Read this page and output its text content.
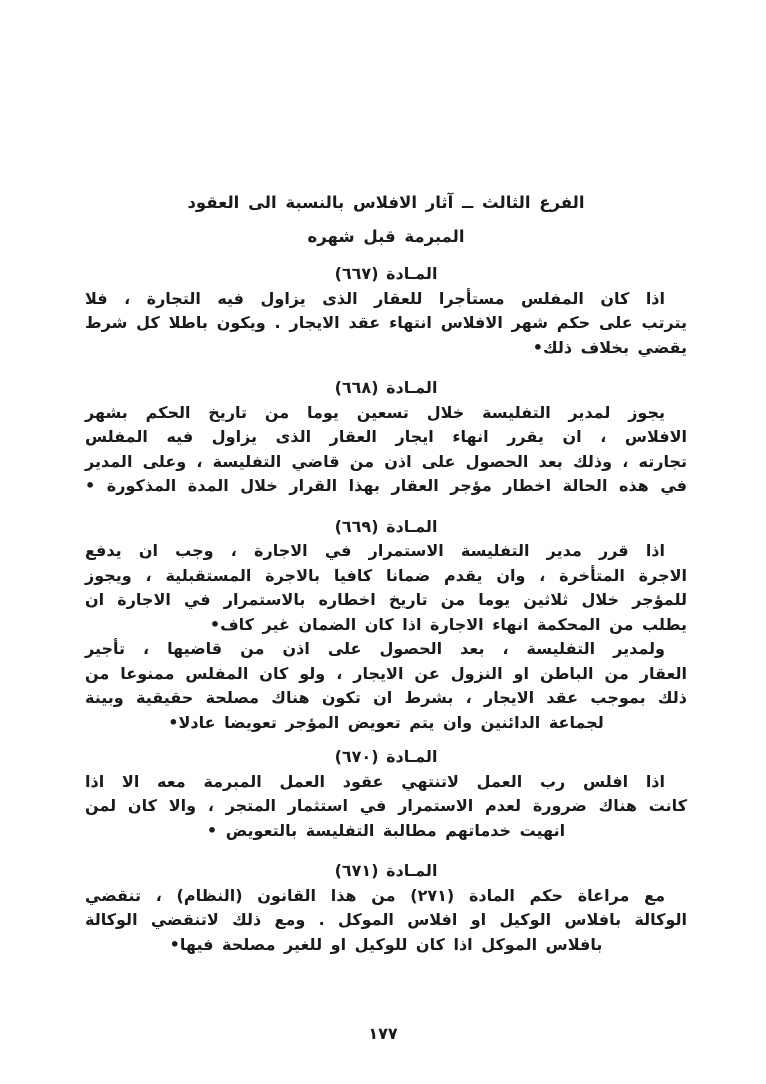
الفرع الثالث ــ آثار الافلاس بالنسبة الى العقود
المبرمة قبل شهره
المـادة (٦٦٧)
اذا كان المفلس مستأجرا للعقار الذى يزاول فيه التجارة ، فلا
يترتب على حكم شهر الافلاس انتهاء عقد الايجار . ويكون باطلا كل شرط
يقضي بخلاف ذلك•
المـادة (٦٦٨)
يجوز لمدير التفليسة خلال تسعين يوما من تاريخ الحكم بشهر
الافلاس ، ان يقرر انهاء ايجار العقار الذى يزاول فيه المفلس
تجارته ، وذلك بعد الحصول على اذن من قاضي التفليسة ، وعلى المدير
في هذه الحالة اخطار مؤجر العقار بهذا القرار خلال المدة المذكورة •
المـادة (٦٦٩)
اذا قرر مدير التفليسة الاستمرار في الاجارة ، وجب ان يدفع
الاجرة المتأخرة ، وان يقدم ضمانا كافيا بالاجرة المستقبلية ، ويجوز
للمؤجر خلال ثلاثين يوما من تاريخ اخطاره بالاستمرار في الاجارة ان
يطلب من المحكمة انهاء الاجارة اذا كان الضمان غير كاف•
ولمدير التفليسة ، بعد الحصول على اذن من قاضيها ، تأجير
العقار من الباطن او النزول عن الايجار ، ولو كان المفلس ممنوعا من
ذلك بموجب عقد الايجار ، بشرط ان تكون هناك مصلحة حقيقية وبينة
لجماعة الدائنين وان يتم تعويض المؤجر تعويضا عادلا•
المـادة (٦٧٠)
اذا افلس رب العمل لاتنتهي عقود العمل المبرمة معه الا اذا
كانت هناك ضرورة لعدم الاستمرار في استثمار المتجر ، والا كان لمن
انهيت خدماتهم مطالبة التفليسة بالتعويض •
المـادة (٦٧١)
مع مراعاة حكم المادة (٢٧١) من هذا القانون (النظام) ، تنقضي
الوكالة بافلاس الوكيل او افلاس الموكل . ومع ذلك لاتنقضي الوكالة
بافلاس الموكل اذا كان للوكيل او للغير مصلحة فيها•
١٧٧
